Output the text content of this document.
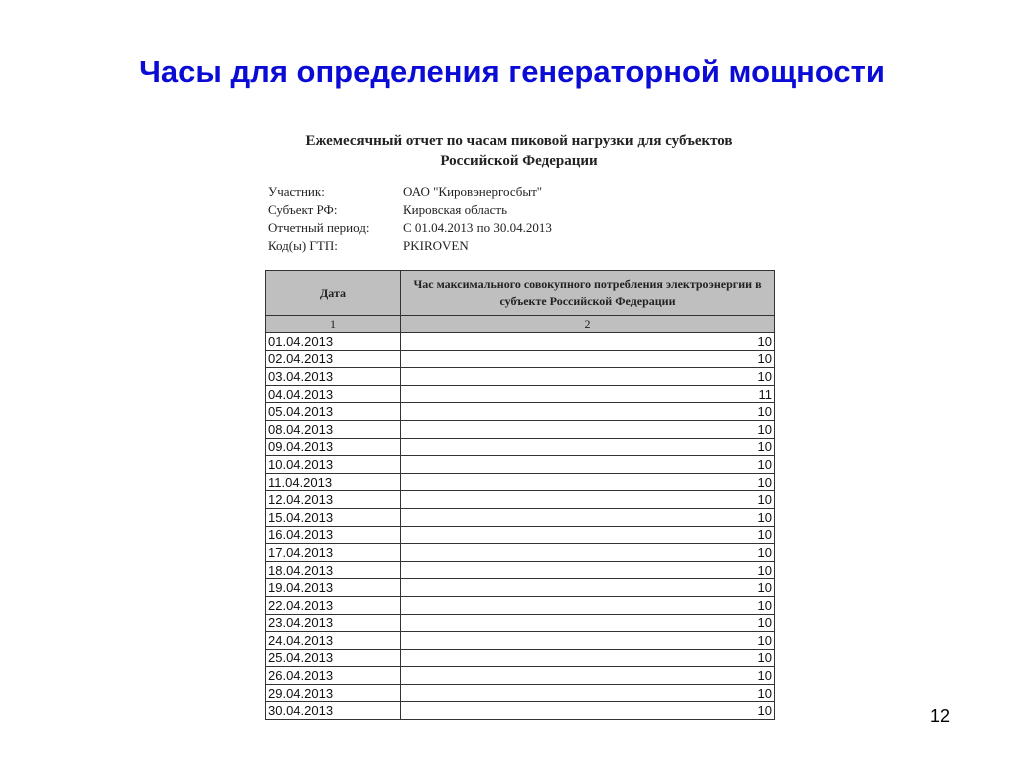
Часы для определения генераторной мощности
Ежемесячный отчет по часам пиковой нагрузки для субъектов
Российской Федерации
Участник:	ОАО "Кировэнергосбыт"
Субъект РФ:	Кировская область
Отчетный период:	С 01.04.2013 по 30.04.2013
Код(ы) ГТП:	PKIROVEN
Дата	Час максимального совокупного потребления электроэнергии в субъекте Российской Федерации
1	2
01.04.2013	10
02.04.2013	10
03.04.2013	10
04.04.2013	11
05.04.2013	10
08.04.2013	10
09.04.2013	10
10.04.2013	10
11.04.2013	10
12.04.2013	10
15.04.2013	10
16.04.2013	10
17.04.2013	10
18.04.2013	10
19.04.2013	10
22.04.2013	10
23.04.2013	10
24.04.2013	10
25.04.2013	10
26.04.2013	10
29.04.2013	10
30.04.2013	10	12
